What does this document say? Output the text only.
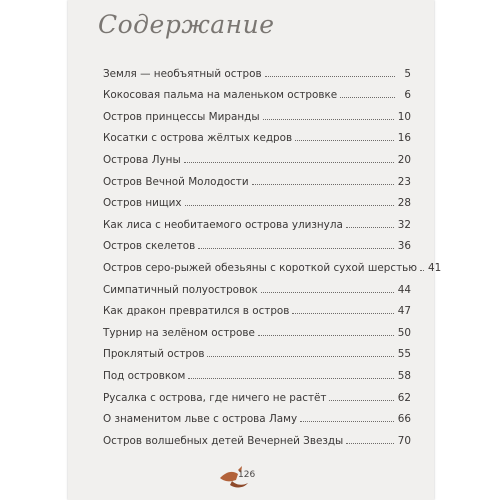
Содержание
Земля — необъятный остров	5
Кокосовая пальма на маленьком островке	6
Остров принцессы Миранды	10
Косатки с острова жёлтых кедров	16
Острова Луны	20
Остров Вечной Молодости	23
Остров нищих	28
Как лиса с необитаемого острова улизнула	32
Остров скелетов	36
Остров серо-рыжей обезьяны с короткой сухой шерстью 41
Симпатичный полуостровок	44
Как дракон превратился в остров	47
Турнир на зелёном острове	50
Проклятый остров	55
Под островком	58
Русалка с острова, где ничего не растёт	62
О знаменитом льве с острова Ламу	66
Остров волшебных детей Вечерней Звезды	70
126
